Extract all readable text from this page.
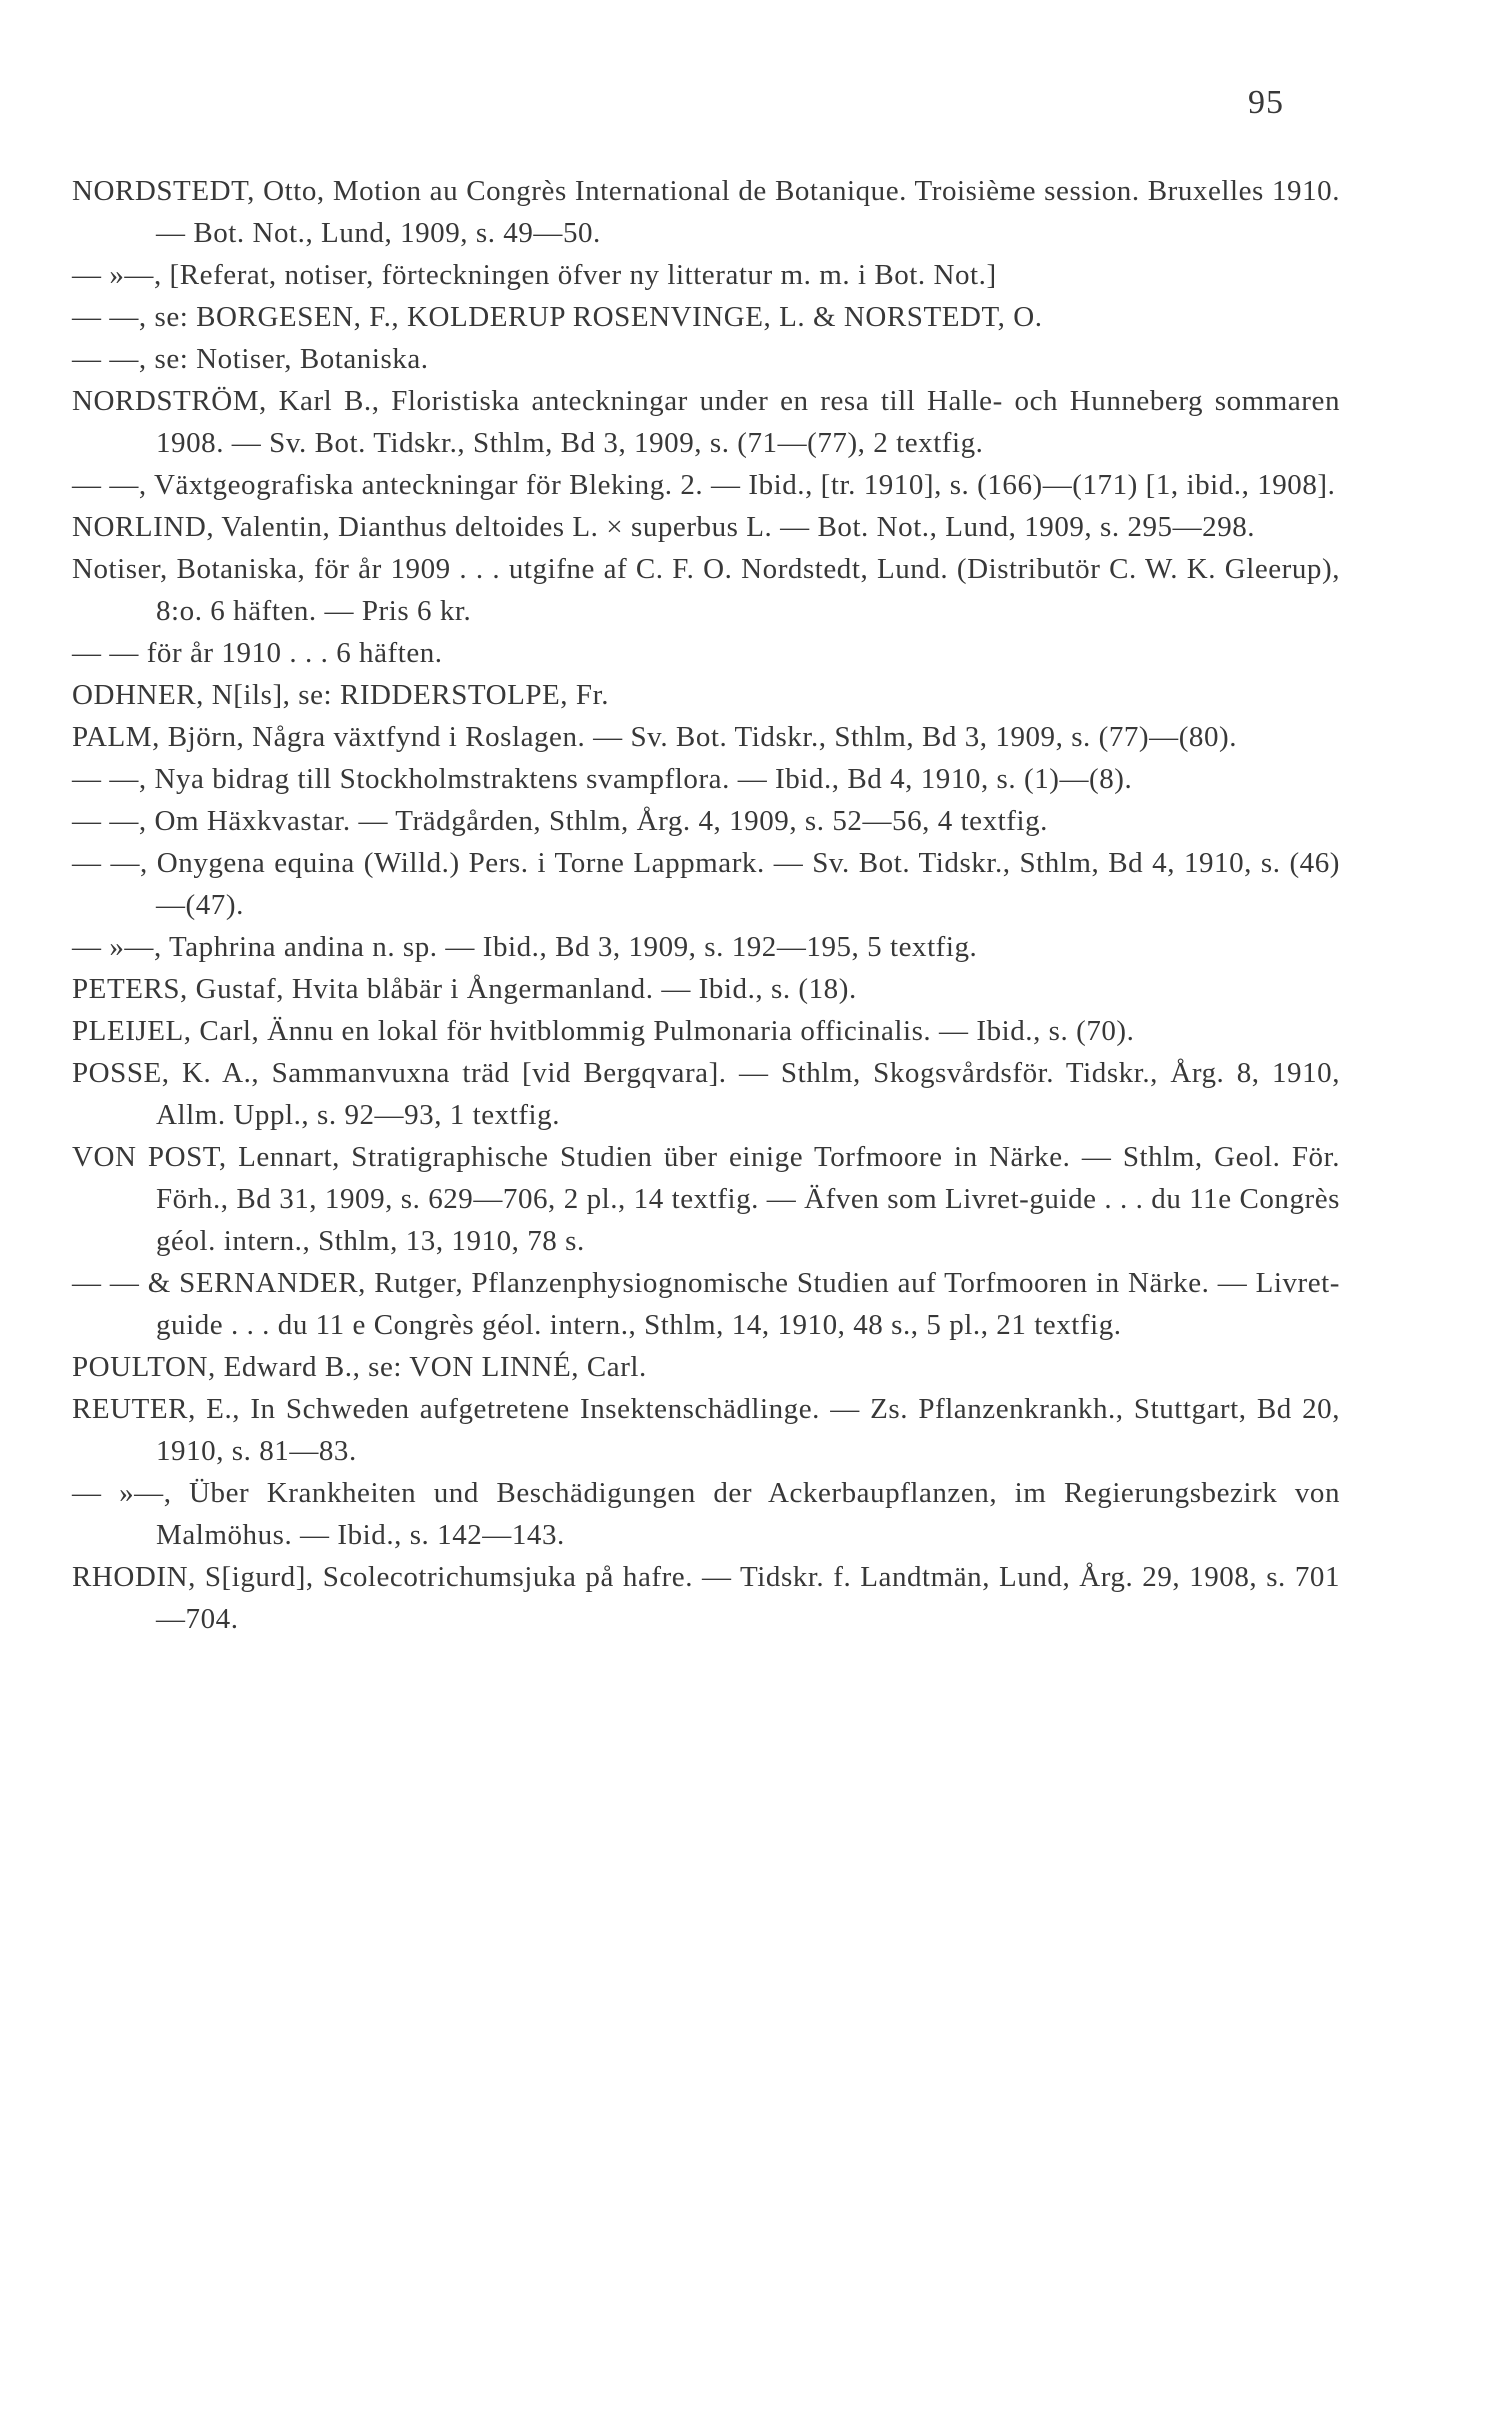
95

NORDSTEDT, Otto, Motion au Congrès International de Botanique. Troisième session. Bruxelles 1910. — Bot. Not., Lund, 1909, s. 49—50.

— »—, [Referat, notiser, förteckningen öfver ny litteratur m. m. i Bot. Not.]

— —, se: BORGESEN, F., KOLDERUP ROSENVINGE, L. & NORSTEDT, O.

— —, se: Notiser, Botaniska.

NORDSTRÖM, Karl B., Floristiska anteckningar under en resa till Halle- och Hunneberg sommaren 1908. — Sv. Bot. Tidskr., Sthlm, Bd 3, 1909, s. (71—(77), 2 textfig.

— —, Växtgeografiska anteckningar för Bleking. 2. — Ibid., [tr. 1910], s. (166)—(171) [1, ibid., 1908].

NORLIND, Valentin, Dianthus deltoides L. × superbus L. — Bot. Not., Lund, 1909, s. 295—298.

Notiser, Botaniska, för år 1909 . . . utgifne af C. F. O. Nordstedt, Lund. (Distributör C. W. K. Gleerup), 8:o. 6 häften. — Pris 6 kr.

— — för år 1910 . . . 6 häften.

ODHNER, N[ils], se: RIDDERSTOLPE, Fr.

PALM, Björn, Några växtfynd i Roslagen. — Sv. Bot. Tidskr., Sthlm, Bd 3, 1909, s. (77)—(80).

— —, Nya bidrag till Stockholmstraktens svampflora. — Ibid., Bd 4, 1910, s. (1)—(8).

— —, Om Häxkvastar. — Trädgården, Sthlm, Årg. 4, 1909, s. 52—56, 4 textfig.

— —, Onygena equina (Willd.) Pers. i Torne Lappmark. — Sv. Bot. Tidskr., Sthlm, Bd 4, 1910, s. (46)—(47).

— »—, Taphrina andina n. sp. — Ibid., Bd 3, 1909, s. 192—195, 5 textfig.

PETERS, Gustaf, Hvita blåbär i Ångermanland. — Ibid., s. (18).

PLEIJEL, Carl, Ännu en lokal för hvitblommig Pulmonaria officinalis. — Ibid., s. (70).

POSSE, K. A., Sammanvuxna träd [vid Bergqvara]. — Sthlm, Skogsvårdsför. Tidskr., Årg. 8, 1910, Allm. Uppl., s. 92—93, 1 textfig.

VON POST, Lennart, Stratigraphische Studien über einige Torfmoore in Närke. — Sthlm, Geol. För. Förh., Bd 31, 1909, s. 629—706, 2 pl., 14 textfig. — Äfven som Livret-guide . . . du 11e Congrès géol. intern., Sthlm, 13, 1910, 78 s.

— — & SERNANDER, Rutger, Pflanzenphysiognomische Studien auf Torfmooren in Närke. — Livret-guide . . . du 11 e Congrès géol. intern., Sthlm, 14, 1910, 48 s., 5 pl., 21 textfig.

POULTON, Edward B., se: VON LINNÉ, Carl.

REUTER, E., In Schweden aufgetretene Insektenschädlinge. — Zs. Pflanzenkrankh., Stuttgart, Bd 20, 1910, s. 81—83.

— »—, Über Krankheiten und Beschädigungen der Ackerbaupflanzen, im Regierungsbezirk von Malmöhus. — Ibid., s. 142—143.

RHODIN, S[igurd], Scolecotrichumsjuka på hafre. — Tidskr. f. Landtmän, Lund, Årg. 29, 1908, s. 701—704.
